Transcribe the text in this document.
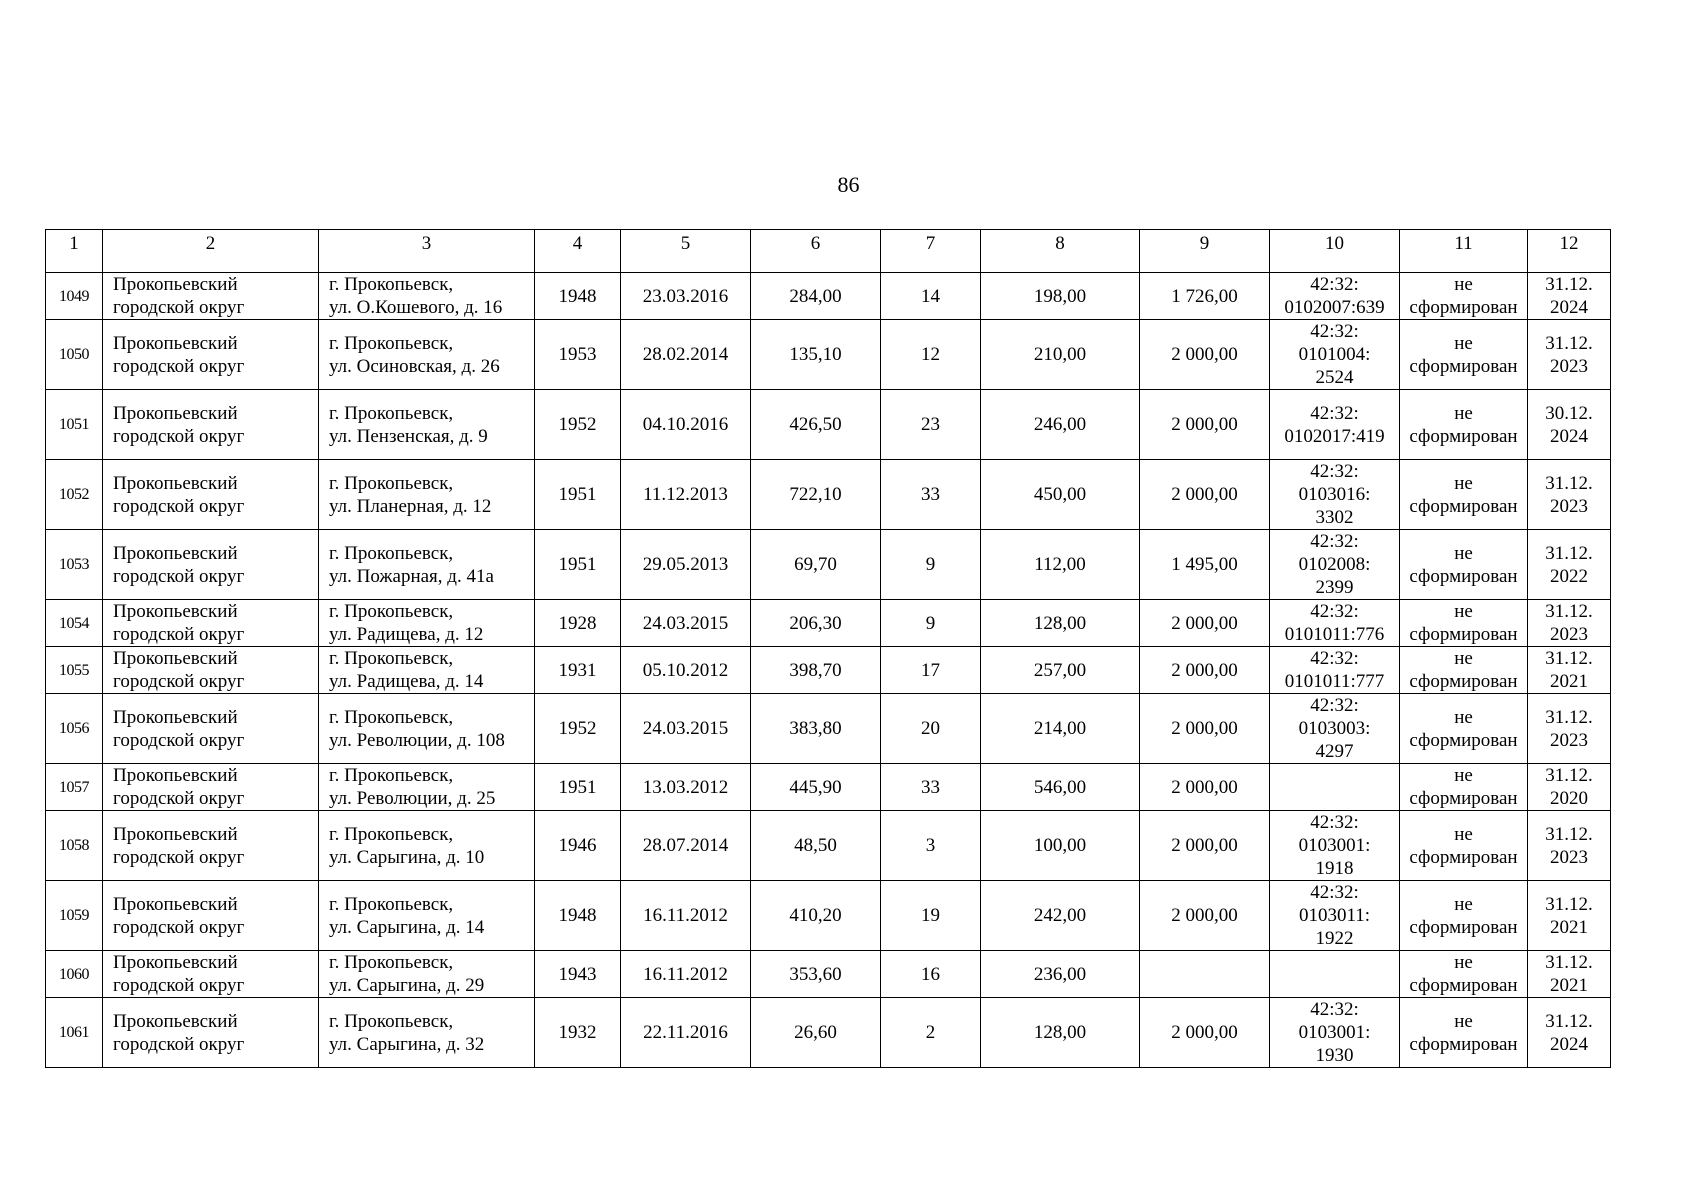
86
1	2	3	4	5	6	7	8	9	10	11	12
1049	Прокопьевский
городской округ	г. Прокопьевск,
ул. О.Кошевого, д. 16	1948	23.03.2016	284,00	14	198,00	1 726,00	42:32:
0102007:639	не
сформирован	31.12.
2024

1050	Прокопьевский
городской округ	г. Прокопьевск,
ул. Осиновская, д. 26	1953	28.02.2014	135,10	12	210,00	2 000,00	42:32:
0101004:
2524	не
сформирован	31.12.
2023

1051	Прокопьевский
городской округ	г. Прокопьевск,
ул. Пензенская, д. 9	1952	04.10.2016	426,50	23	246,00	2 000,00	42:32:
0102017:419	не
сформирован	30.12.
2024

1052	Прокопьевский
городской округ	г. Прокопьевск,
ул. Планерная, д. 12	1951	11.12.2013	722,10	33	450,00	2 000,00	42:32:
0103016:
3302	не
сформирован	31.12.
2023

1053	Прокопьевский
городской округ	г. Прокопьевск,
ул. Пожарная, д. 41а	1951	29.05.2013	69,70	9	112,00	1 495,00	42:32:
0102008:
2399	не
сформирован	31.12.
2022

1054	Прокопьевский
городской округ	г. Прокопьевск,
ул. Радищева, д. 12	1928	24.03.2015	206,30	9	128,00	2 000,00	42:32:
0101011:776	не
сформирован	31.12.
2023

1055	Прокопьевский
городской округ	г. Прокопьевск,
ул. Радищева, д. 14	1931	05.10.2012	398,70	17	257,00	2 000,00	42:32:
0101011:777	не
сформирован	31.12.
2021

1056	Прокопьевский
городской округ	г. Прокопьевск,
ул. Революции, д. 108	1952	24.03.2015	383,80	20	214,00	2 000,00	42:32:
0103003:
4297	не
сформирован	31.12.
2023

1057	Прокопьевский
городской округ	г. Прокопьевск,
ул. Революции, д. 25	1951	13.03.2012	445,90	33	546,00	2 000,00		не
сформирован	31.12.
2020

1058	Прокопьевский
городской округ	г. Прокопьевск,
ул. Сарыгина, д. 10	1946	28.07.2014	48,50	3	100,00	2 000,00	42:32:
0103001:
1918	не
сформирован	31.12.
2023

1059	Прокопьевский
городской округ	г. Прокопьевск,
ул. Сарыгина, д. 14	1948	16.11.2012	410,20	19	242,00	2 000,00	42:32:
0103011:
1922	не
сформирован	31.12.
2021

1060	Прокопьевский
городской округ	г. Прокопьевск,
ул. Сарыгина, д. 29	1943	16.11.2012	353,60	16	236,00			не
сформирован	31.12.
2021

1061	Прокопьевский
городской округ	г. Прокопьевск,
ул. Сарыгина, д. 32	1932	22.11.2016	26,60	2	128,00	2 000,00	42:32:
0103001:
1930	не
сформирован	31.12.
2024
